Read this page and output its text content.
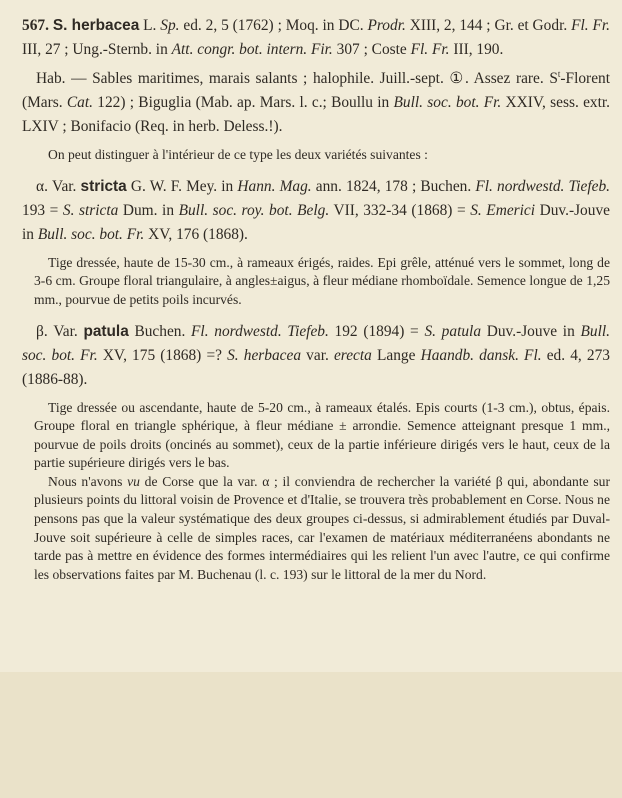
567. S. herbacea L. Sp. ed. 2, 5 (1762) ; Moq. in DC. Prodr. XIII, 2, 144 ; Gr. et Godr. Fl. Fr. III, 27 ; Ung.-Sternb. in Att. congr. bot. intern. Fir. 307 ; Coste Fl. Fr. III, 190.

Hab. — Sables maritimes, marais salants ; halophile. Juill.-sept. ①. Assez rare. $S^t$-Florent (Mars. Cat. 122) ; Biguglia (Mab. ap. Mars. l. c.; Boullu in Bull. soc. bot. Fr. XXIV, sess. extr. LXIV ; Bonifacio (Req. in herb. Deless.!).

On peut distinguer à l'intérieur de ce type les deux variétés suivantes :

α. Var. stricta G. W. F. Mey. in Hann. Mag. ann. 1824, 178 ; Buchen. Fl. nordwestd. Tiefeb. 193 = S. stricta Dum. in Bull. soc. roy. bot. Belg. VII, 332-34 (1868) = S. Emerici Duv.-Jouve in Bull. soc. bot. Fr. XV, 176 (1868).

Tige dressée, haute de 15-30 cm., à rameaux érigés, raides. Epi grêle, atténué vers le sommet, long de 3-6 cm. Groupe floral triangulaire, à angles±aigus, à fleur médiane rhomboïdale. Semence longue de 1,25 mm., pourvue de petits poils incurvés.

β. Var. patula Buchen. Fl. nordwestd. Tiefeb. 192 (1894) = S. patula Duv.-Jouve in Bull. soc. bot. Fr. XV, 175 (1868) =? S. herbacea var. erecta Lange Haandb. dansk. Fl. ed. 4, 273 (1886-88).

Tige dressée ou ascendante, haute de 5-20 cm., à rameaux étalés. Epis courts (1-3 cm.), obtus, épais. Groupe floral en triangle sphérique, à fleur médiane ± arrondie. Semence atteignant presque 1 mm., pourvue de poils droits (oncinés au sommet), ceux de la partie inférieure dirigés vers le haut, ceux de la partie supérieure dirigés vers le bas.

Nous n'avons vu de Corse que la var. α ; il conviendra de rechercher la variété β qui, abondante sur plusieurs points du littoral voisin de Provence et d'Italie, se trouvera très probablement en Corse. Nous ne pensons pas que la valeur systématique des deux groupes ci-dessus, si admirablement étudiés par Duval-Jouve soit supérieure à celle de simples races, car l'examen de matériaux méditerranéens abondants ne tarde pas à mettre en évidence des formes intermédiaires qui les relient l'un avec l'autre, ce qui confirme les observations faites par M. Buchenau (l. c. 193) sur le littoral de la mer du Nord.
